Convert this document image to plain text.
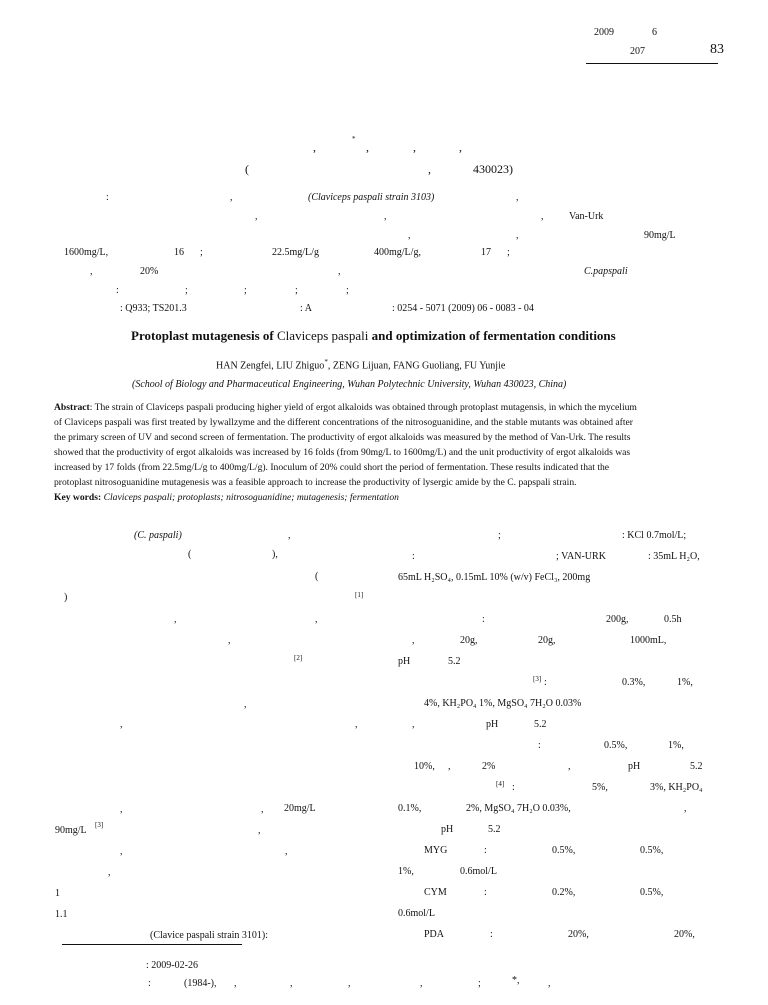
2009	6
207	83
*
,	,	,	,
(	,	430023)
:	,	(Claviceps paspali strain 3103)	,
,	,	,	Van-Urk
,	,	90mg/L
1600mg/L,	16 ;	22.5mg/L/g	400mg/L/g,	17 ;
,	20%	,	C.papspali
:	;	;	;	;
: Q933; TS201.3	: A	: 0254 - 5071 (2009) 06 - 0083 - 04
Protoplast mutagenesis of Claviceps paspali and optimization of fermentation conditions
HAN Zengfei, LIU Zhiguo*, ZENG Lijuan, FANG Guoliang, FU Yunjie
(School of Biology and Pharmaceutical Engineering, Wuhan Polytechnic University, Wuhan 430023, China)

Abstract: The strain of Claviceps paspali producing higher yield of ergot alkaloids was obtained through protoplast mutagensis, in which the mycelium

of Claviceps paspali was first treated by lywallzyme and the different concentrations of the nitrosoguanidine, and the stable mutants was obtained after

the primary screen of UV and second screen of fermentation. The productivity of ergot alkaloids was measured by the method of Van-Urk. The results

showed that the productivity of ergot alkaloids was increased by 16 folds (from 90mg/L to 1600mg/L) and the unit productivity of ergot alkaloids was

increased by 17 folds (from 22.5mg/L/g to 400mg/L/g). Inoculum of 20% could short the period of fermentation. These results indicated that the

protoplast nitrosoguanidine mutagenesis was a feasible approach to increase the productivity of lysergic amide by the C. papspali strain.

Key words: Claviceps paspali; protoplasts; nitrosoguanidine; mutagenesis; fermentation

(C. paspali)	,
(	),
(
[1]
)
,	,
,
[2]
,
,	,
,	, 20mg/L
90mg/L [3]	,
,	,
,
1
1.1
(Clavice paspali strain 3101):
;	: KCl 0.7mol/L;
:	; VAN-URK	: 35mL H₂O,
65mL H₂SO₄, 0.15mL 10% (w/v) FeCl₃, 200mg
:	200g,	0.5h
,	20g,	20g,	1000mL,
pH	5.2
[3] :	0.3%,	1%,
4%, KH₂PO₄ 1%, MgSO₄ 7H₂O 0.03%
,	pH	5.2
:	0.5%,	1%,
10%, ,	2%	,	pH	5.2
[4] :	5%,	3%, KH₂PO₄
0.1%,	2%, MgSO₄ 7H₂O 0.03%,	,
pH	5.2
MYG	:	0.5%,	0.5%,
1%,	0.6mol/L
CYM	:	0.2%,	0.5%,
0.6mol/L
PDA	:	20%,	20%,
: 2009-02-26
:	(1984-), ,	,	,	,	;	*,	,
